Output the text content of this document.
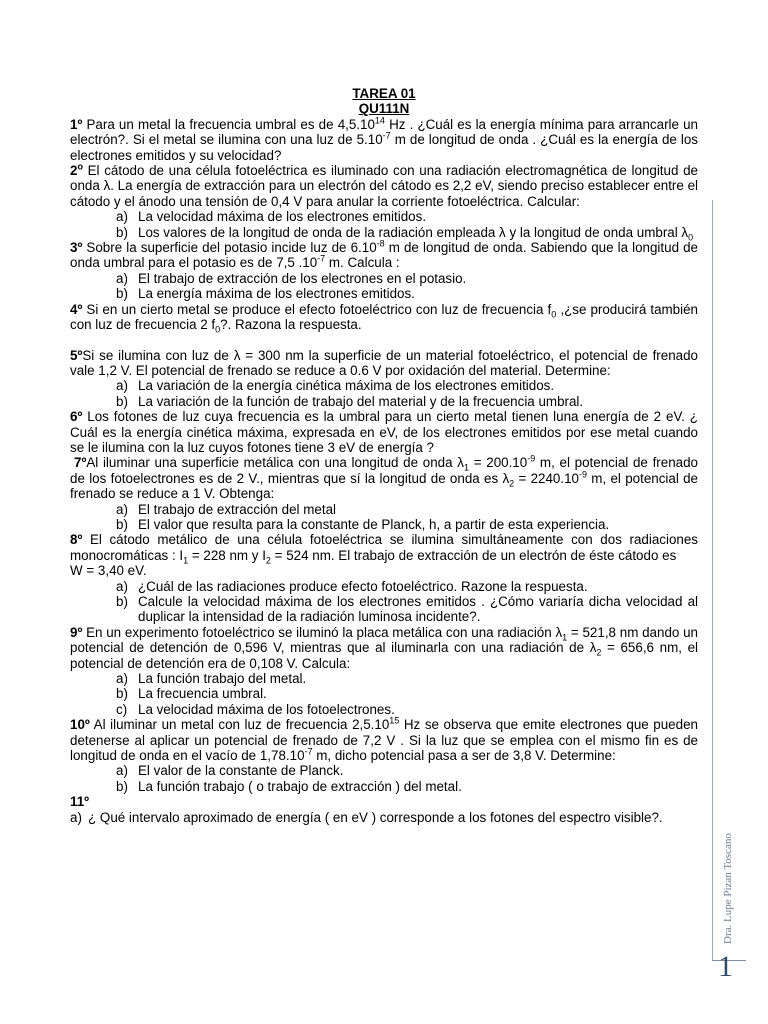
TAREA 01

QU111N

1º Para un metal la frecuencia umbral es de 4,5.10$^{14}$ Hz . ¿Cuál es la energía mínima para arrancarle un electrón?. Si el metal se ilumina con una luz de $5.10^{-7}$ m de longitud de onda . ¿Cuál es la energía de los electrones emitidos y su velocidad?

2$^o$ El cátodo de una célula fotoeléctrica es iluminado con una radiación electromagnética de longitud de onda λ. La energía de extracción para un electrón del cátodo es 2,2 eV, siendo preciso establecer entre el cátodo y el ánodo una tensión de 0,4 V para anular la corriente fotoeléctrica. Calcular:

a) La velocidad máxima de los electrones emitidos.
b) Los valores de la longitud de onda de la radiación empleada λ y la longitud de onda umbral $\lambda_0$

3º Sobre la superficie del potasio incide luz de $6.10^{-8}$ m de longitud de onda. Sabiendo que la longitud de onda umbral para el potasio es de 7,5 $.10^{-7}$ m. Calcula :

a) El trabajo de extracción de los electrones en el potasio.
b) La energía máxima de los electrones emitidos.

4º Si en un cierto metal se produce el efecto fotoeléctrico con luz de frecuencia $f_0$ ,¿se producirá también con luz de frecuencia 2 $f_0$?. Razona la respuesta.

5ºSi se ilumina con luz de λ = 300 nm la superficie de un material fotoeléctrico, el potencial de frenado vale 1,2 V. El potencial de frenado se reduce a 0.6 V por oxidación del material. Determine:

a) La variación de la energía cinética máxima de los electrones emitidos.
b) La variación de la función de trabajo del material y de la frecuencia umbral.

6º Los fotones de luz cuya frecuencia es la umbral para un cierto metal tienen luna energía de 2 eV. ¿ Cuál es la energía cinética máxima, expresada en eV, de los electrones emitidos por ese metal cuando se le ilumina con la luz cuyos fotones tiene 3 eV de energía ?

7ºAl iluminar una superficie metálica con una longitud de onda $\lambda_1 = 200.10^{-9}$ m, el potencial de frenado de los fotoelectrones es de 2 V., mientras que sí la longitud de onda es $\lambda_2 = 2240.10^{-9}$ m, el potencial de frenado se reduce a 1 V. Obtenga:

a) El trabajo de extracción del metal
b) El valor que resulta para la constante de Planck, h, a partir de esta experiencia.

8º El cátodo metálico de una célula fotoeléctrica se ilumina simultáneamente con dos radiaciones monocromáticas : $I_1 = 228$ nm y $I_2 = 524$ nm. El trabajo de extracción de un electrón de éste cátodo es

W = 3,40 eV.

a) ¿Cuál de las radiaciones produce efecto fotoeléctrico. Razone la respuesta.
b) Calcule la velocidad máxima de los electrones emitidos . ¿Cómo variaría dicha velocidad al duplicar la intensidad de la radiación luminosa incidente?.

9º En un experimento fotoeléctrico se iluminó la placa metálica con una radiación $\lambda_1 = 521,8$ nm dando un potencial de detención de 0,596 V, mientras que al iluminarla con una radiación de $\lambda_2 = 656,6$ nm, el potencial de detención era de 0,108 V. Calcula:

a) La función trabajo del metal.
b) La frecuencia umbral.
c) La velocidad máxima de los fotoelectrones.

10º Al iluminar un metal con luz de frecuencia 2,5.10$^{15}$ Hz se observa que emite electrones que pueden detenerse al aplicar un potencial de frenado de 7,2 V . Si la luz que se emplea con el mismo fin es de longitud de onda en el vacío de $1,78.10^{-7}$ m, dicho potencial pasa a ser de 3,8 V. Determine:

a) El valor de la constante de Planck.
b) La función trabajo ( o trabajo de extracción ) del metal.

11º

a) ¿ Qué intervalo aproximado de energía ( en eV ) corresponde a los fotones del espectro visible?.
Dra. Lupe Pizan Toscano
1
